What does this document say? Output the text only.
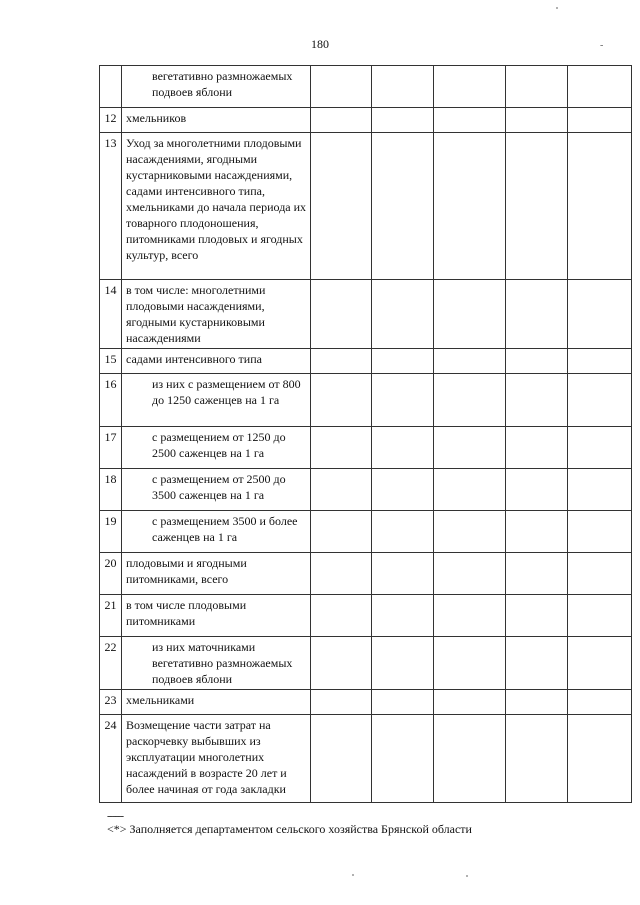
180	-
	вегетативно размножаемых подвоев яблони					
12	хмельников					
13	Уход за многолетними плодовыми насаждениями, ягодными кустарниковыми насаждениями, садами интенсивного типа, хмельниками до начала периода их товарного плодоношения, питомниками плодовых и ягодных культур, всего					
14	в том числе: многолетними плодовыми насаждениями, ягодными кустарниковыми насаждениями					
15	садами интенсивного типа					
16	из них с размещением от 800 до 1250 саженцев на 1 га					
17	с размещением от 1250 до 2500 саженцев на 1 га					
18	с размещением от 2500 до 3500 саженцев на 1 га					
19	с размещением 3500 и более саженцев на 1 га					
20	плодовыми и ягодными питомниками, всего					
21	в том числе плодовыми питомниками					
22	из них маточниками вегетативно размножаемых подвоев яблони					
23	хмельниками					
24	Возмещение части затрат на раскорчевку выбывших из эксплуатации многолетних насаждений в возрасте 20 лет и более начиная от года закладки					
------
<*> Заполняется департаментом сельского хозяйства Брянской области
